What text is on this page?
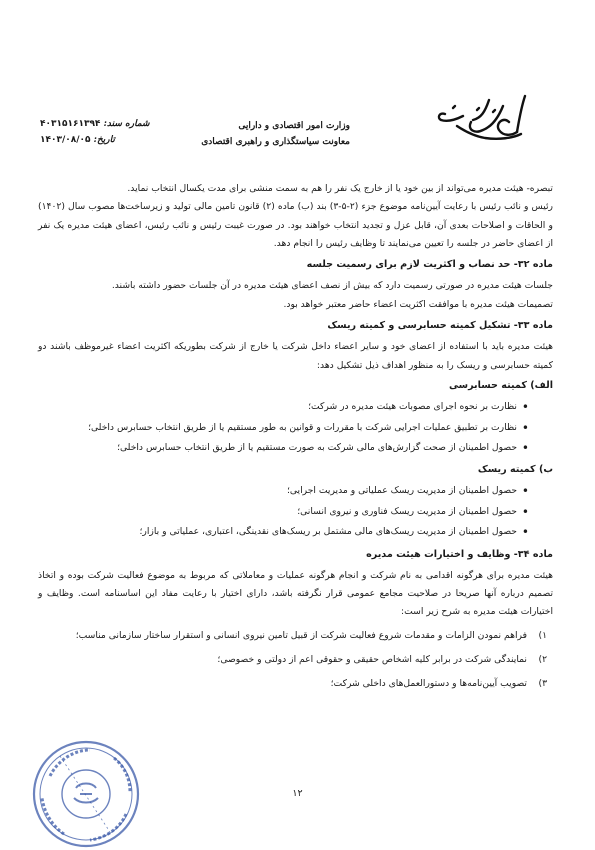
وزارت امور اقتصادی و دارایی
معاونت سیاستگذاری و راهبری اقتصادی
شماره سند: ۴۰۳۱۵۱۶۱۳۹۴
تاریخ: ۱۴۰۳/۰۸/۰۵

تبصره- هیئت مدیره می‌تواند از بین خود یا از خارج یک نفر را هم به سمت منشی برای مدت یکسال انتخاب نماید.

رئیس و نائب رئیس با رعایت آیین‌نامه موضوع جزء (۲-۵-۳) بند (ب) ماده (۲) قانون تامین مالی تولید و زیرساخت‌ها مصوب سال (۱۴۰۲) و الحاقات و اصلاحات بعدی آن، قابل عزل و تجدید انتخاب خواهند بود. در صورت غیبت رئیس و نائب رئیس، اعضای هیئت مدیره یک نفر از اعضای حاضر در جلسه را تعیین می‌نمایند تا وظایف رئیس را انجام دهد.

ماده ۳۲- حد نصاب و اکثریت لازم برای رسمیت جلسه

جلسات هیئت مدیره در صورتی رسمیت دارد که بیش از نصف اعضای هیئت مدیره در آن جلسات حضور داشته باشند.

تصمیمات هیئت مدیره با موافقت اکثریت اعضاء حاضر معتبر خواهد بود.

ماده ۳۳- تشکیل کمیته حسابرسی و کمیته ریسک

هیئت مدیره باید با استفاده از اعضای خود و سایر اعضاء داخل شرکت یا خارج از شرکت بطوریکه اکثریت اعضاء غیرموظف باشند دو کمیته حسابرسی و ریسک را به منظور اهداف ذیل تشکیل دهد:

الف) کمیته حسابرسی

• نظارت بر نحوه اجرای مصوبات هیئت مدیره در شرکت؛
• نظارت بر تطبیق عملیات اجرایی شرکت با مقررات و قوانین به طور مستقیم یا از طریق انتخاب حسابرس داخلی؛
• حصول اطمینان از صحت گزارش‌های مالی شرکت به صورت مستقیم یا از طریق انتخاب حسابرس داخلی؛

ب) کمیته ریسک

• حصول اطمینان از مدیریت ریسک عملیاتی و مدیریت اجرایی؛
• حصول اطمینان از مدیریت ریسک فناوری و نیروی انسانی؛
• حصول اطمینان از مدیریت ریسک‌های مالی مشتمل بر ریسک‌های نقدینگی، اعتباری، عملیاتی و بازار؛

ماده ۳۴- وظایف و اختیارات هیئت مدیره

هیئت مدیره برای هرگونه اقدامی به نام شرکت و انجام هرگونه عملیات و معاملاتی که مربوط به موضوع فعالیت شرکت بوده و اتخاذ تصمیم درباره آنها صریحا در صلاحیت مجامع عمومی قرار نگرفته باشد، دارای اختیار با رعایت مفاد این اساسنامه است. وظایف و اختیارات هیئت مدیره به شرح زیر است:

۱)
فراهم نمودن الزامات و مقدمات شروع فعالیت شرکت از قبیل تامین نیروی انسانی و استقرار ساختار سازمانی مناسب؛
۲)
نمایندگی شرکت در برابر کلیه اشخاص حقیقی و حقوقی اعم از دولتی و خصوصی؛
۳)
تصویب آیین‌نامه‌ها و دستورالعمل‌های داخلی شرکت؛
۱۲
